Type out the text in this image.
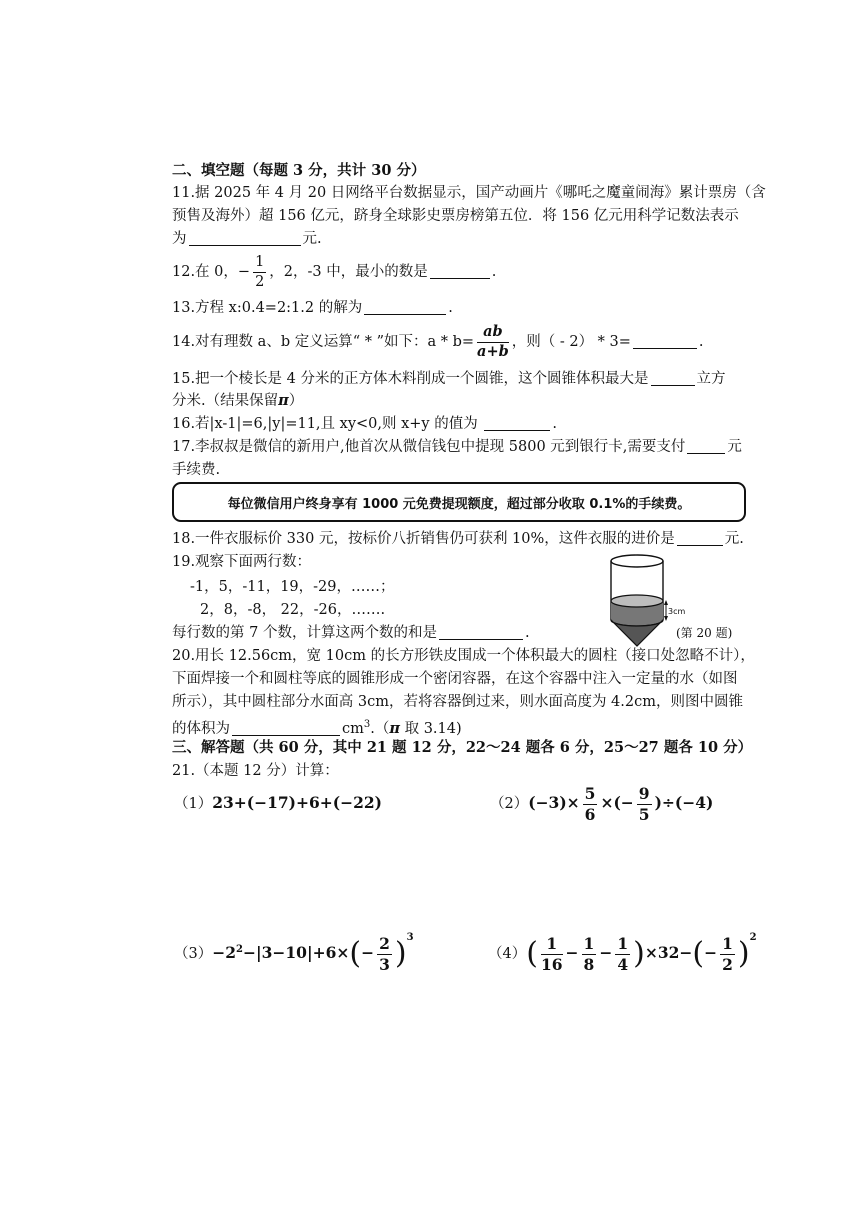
二、填空题（每题 3 分，共计 30 分）
11.据 2025 年 4 月 20 日网络平台数据显示，国产动画片《哪吒之魔童闹海》累计票房（含
预售及海外）超 156 亿元，跻身全球影史票房榜第五位．将 156 亿元用科学记数法表示
为	元.
12.在 0，− $\frac{1}{2}$ ，2，-3 中，最小的数是	.
13.方程 x:0.4=2:1.2 的解为	.
14.对有理数 a、b 定义运算“ * ”如下：$a * b= \frac{ab}{a+b}$ ，则（ - 2） * 3=	.
15.把一个棱长是 4 分米的正方体木料削成一个圆锥，这个圆锥体积最大是	立方
分米.（结果保留π）
16.若|x-1|=6,|y|=11,且 xy<0,则 x+y 的值为	.
17.李叔叔是微信的新用户,他首次从微信钱包中提现 5800 元到银行卡,需要支付	元
手续费.
每位微信用户终身享有 1000 元免费提现额度，超过部分收取 0.1%的手续费。
18.一件衣服标价 330 元，按标价八折销售仍可获利 10%，这件衣服的进价是	元.
19.观察下面两行数：
-1，5，-11，19，-29，……；
2，8，-8， 22，-26，…….
每行数的第 7 个数，计算这两个数的和是	.
3cm
(第 20 题)
20.用长 12.56cm，宽 10cm 的长方形铁皮围成一个体积最大的圆柱（接口处忽略不计），
下面焊接一个和圆柱等底的圆锥形成一个密闭容器，在这个容器中注入一定量的水（如图
所示），其中圆柱部分水面高 3cm，若将容器倒过来，则水面高度为 4.2cm，则图中圆锥
的体积为	$cm^3.(\pi$ 取 3.14)
三、解答题（共 60 分，其中 21 题 12 分，22～24 题各 6 分，25～27 题各 10 分）
21.（本题 12 分）计算：
（1）23+(−17)+6+(−22)	$(2)(-3)\times \frac{5}{6}$ ×(− $\frac{9}{5} )\div(-4)$
$(3)-2^2-|3-10|+6\times(- \frac{2}{3} )^3$
$(4)( \frac{1}{16} - \frac{1}{8} - \frac{1}{4} )\times 32-(- \frac{1}{2} )^2$
